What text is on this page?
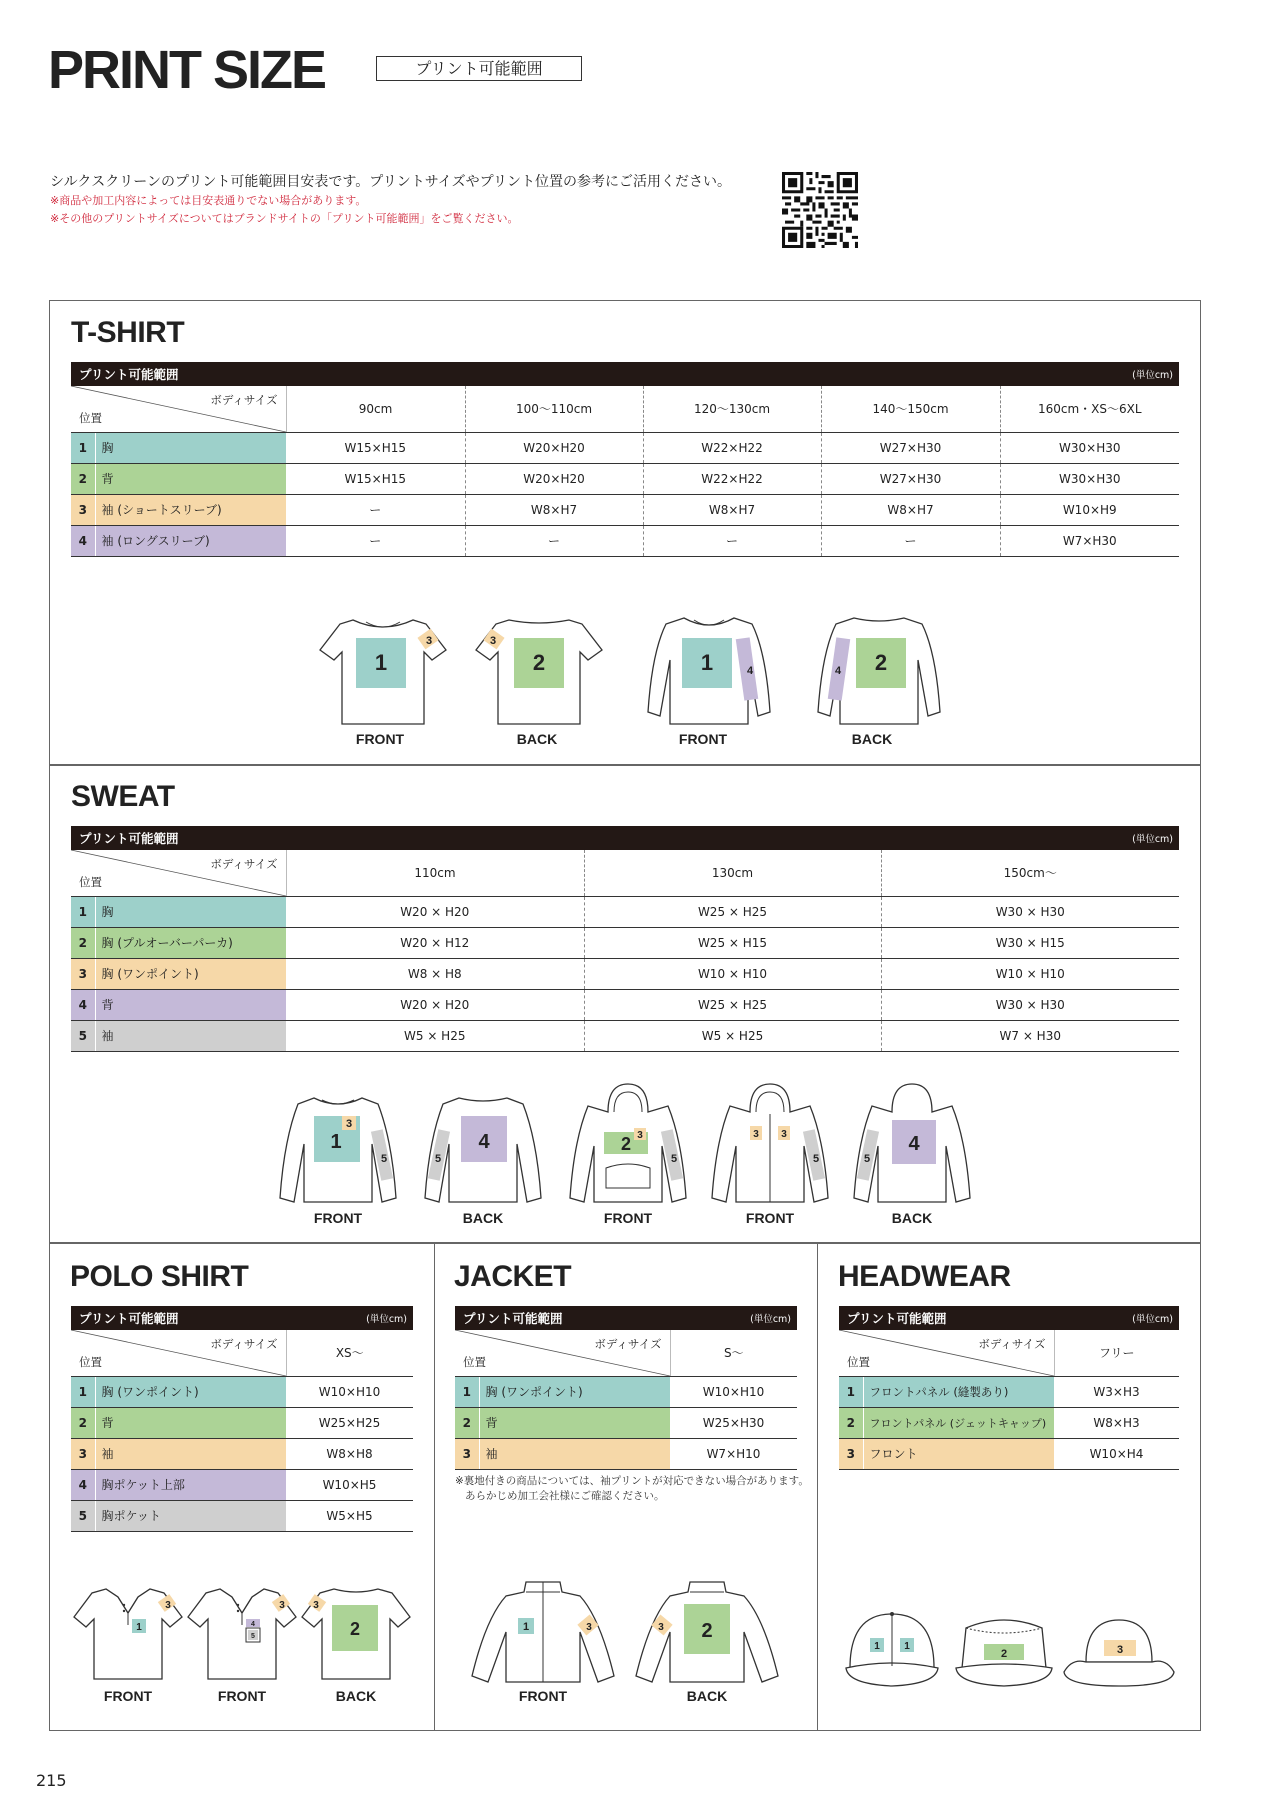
PRINT SIZE	プリント可能範囲
シルクスクリーンのプリント可能範囲目安表です。プリントサイズやプリント位置の参考にご活用ください。
※商品や加工内容によっては目安表通りでない場合があります。
※その他のプリントサイズについてはブランドサイトの「プリント可能範囲」をご覧ください。
T-SHIRT
プリント可能範囲						(単位cm)

ボディサイズ
位置		90cm	100〜110cm	120〜130cm	140〜150cm	160cm・XS〜6XL
1	胸	W15×H15	W20×H20	W22×H22	W27×H30	W30×H30
2	背	W15×H15	W20×H20	W22×H22	W27×H30	W30×H30
3	袖 (ショートスリーブ)	ー	W8×H7	W8×H7	W8×H7	W10×H9
4	袖 (ロングスリーブ)	ー	ー	ー	ー	W7×H30
1
3
2
3
1	4	2
4
FRONT	BACK	FRONT	BACK
SWEAT
プリント可能範囲				(単位cm)

ボディサイズ
位置		110cm	130cm	150cm〜
1	胸	W20 × H20	W25 × H25	W30 × H30
2	胸 (プルオーバーパーカ)	W20 × H12	W25 × H15	W30 × H15
3	胸 (ワンポイント)	W8 × H8	W10 × H10	W10 × H10
4	背	W20 × H20	W25 × H25	W30 × H30
5	袖	W5 × H25	W5 × H25	W7 × H30
1
3
5
4
5
2 3
5
3 3
5
4
5
FRONT	BACK	FRONT	FRONT	BACK
POLO SHIRT	JACKET	HEADWEAR
プリント可能範囲		(単位cm)

ボディサイズ
位置		XS〜
1	胸 (ワンポイント)	W10×H10
2	背	W25×H25
3	袖	W8×H8
4	胸ポケット上部	W10×H5
5	胸ポケット	W5×H5
プリント可能範囲		(単位cm)

ボディサイズ
位置		S〜
1	胸 (ワンポイント)	W10×H10
2	背	W25×H30
3	袖	W7×H10
※裏地付きの商品については、袖プリントが対応できない場合があります。
あらかじめ加工会社様にご確認ください。
プリント可能範囲		(単位cm)

ボディサイズ
位置		フリー
1	フロントパネル (縫製あり)	W3×H3
2	フロントパネル (ジェットキャップ)	W8×H3
3	フロント	W10×H4
1
3
4
5
3
2
3
FRONT	FRONT	BACK
1	3	2
3
FRONT	BACK
1 1
2	3
215
